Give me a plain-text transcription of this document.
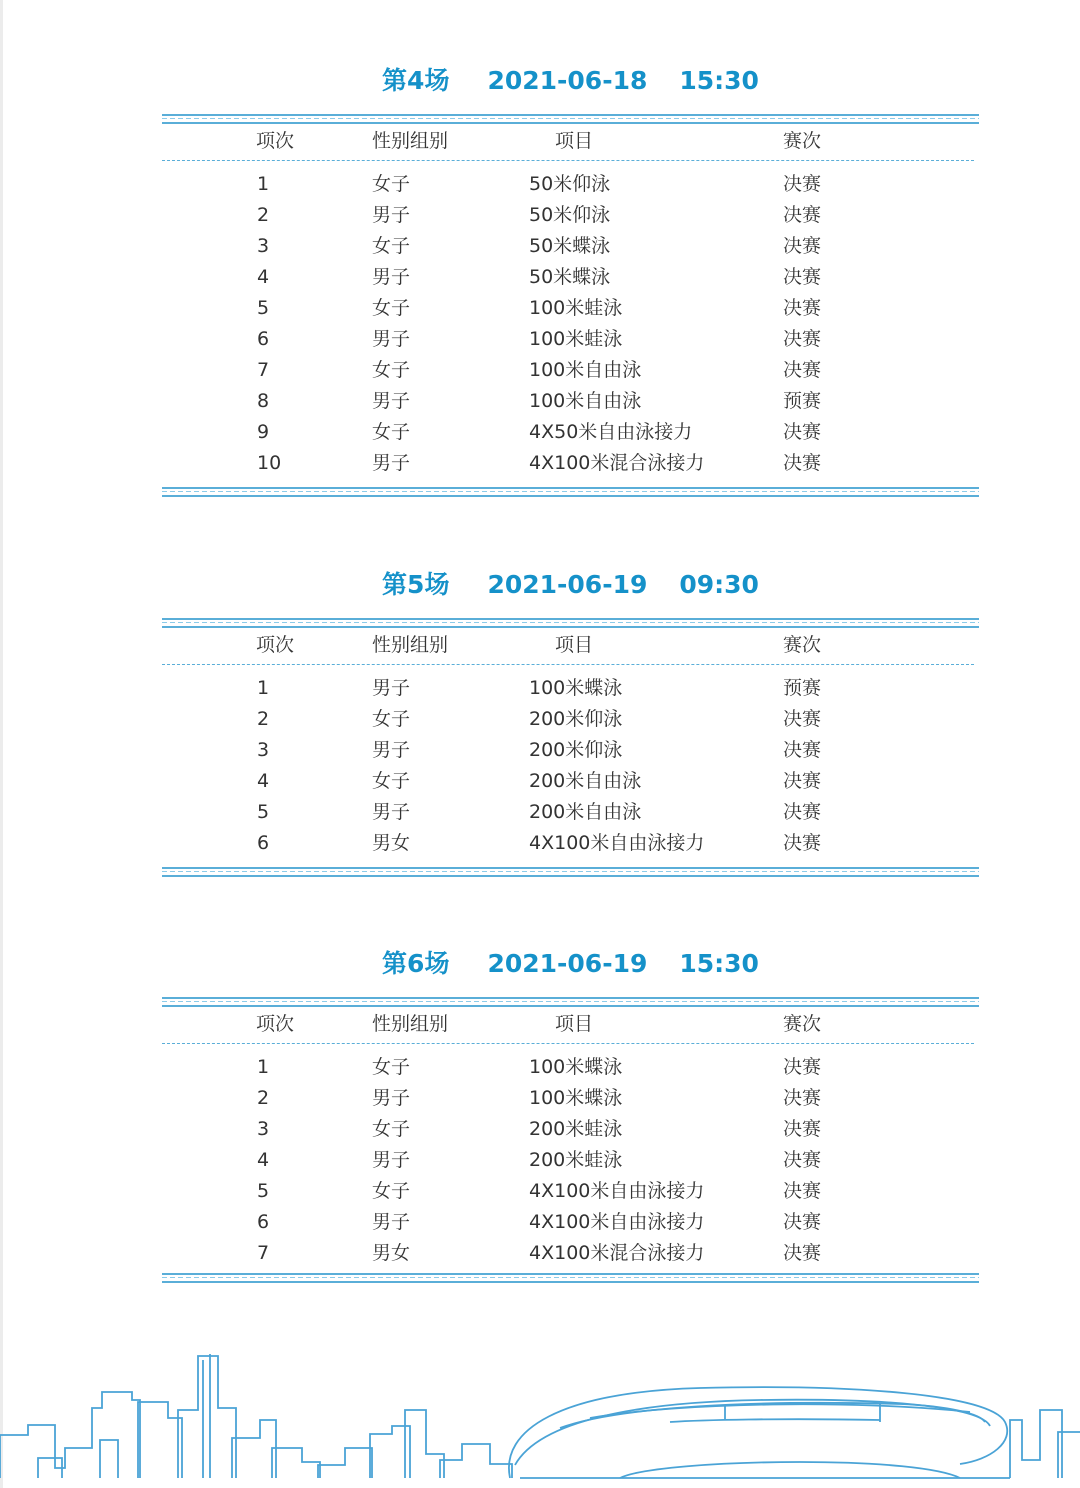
第4场 2021-06-18 15:30
项次	性别组别	项目	赛次
1	女子	50米仰泳	决赛
2	男子	50米仰泳	决赛
3	女子	50米蝶泳	决赛
4	男子	50米蝶泳	决赛
5	女子	100米蛙泳	决赛
6	男子	100米蛙泳	决赛
7	女子	100米自由泳	决赛
8	男子	100米自由泳	预赛
9	女子	4X50米自由泳接力	决赛
10	男子	4X100米混合泳接力	决赛
第5场 2021-06-19 09:30
项次	性别组别	项目	赛次
1	男子	100米蝶泳	预赛
2	女子	200米仰泳	决赛
3	男子	200米仰泳	决赛
4	女子	200米自由泳	决赛
5	男子	200米自由泳	决赛
6	男女	4X100米自由泳接力	决赛
第6场 2021-06-19 15:30
项次	性别组别	项目	赛次
1	女子	100米蝶泳	决赛
2	男子	100米蝶泳	决赛
3	女子	200米蛙泳	决赛
4	男子	200米蛙泳	决赛
5	女子	4X100米自由泳接力	决赛
6	男子	4X100米自由泳接力	决赛
7	男女	4X100米混合泳接力	决赛
